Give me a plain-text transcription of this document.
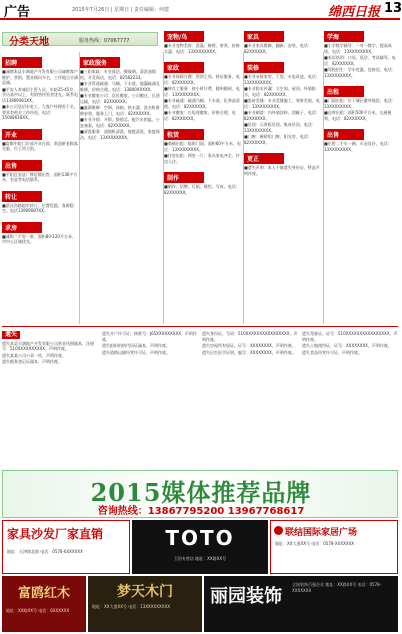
广告	2015年7月26日 | 星期日 | 责任编辑：何建	绵西日报 13
分类天地	服务热线：07067777
招聘
■诚聘本县丰满地产开发有限公司诚聘客户维护、营销、置业顾问多名，工作地点丰满县城。
■平安人寿诚招主管人员，年龄25-45岁，学历高中以上，有销售经验者优先。联系电话13969481XX。
■本公司急招水电工、大客户经理若干名，要求有相关工作经验。电话：15008618XX。
开业
■富顺中院门诊部开业在即，欢迎新老顾客光临，位于西大街。
出售
■平阳区安县广弹店铺出售，面积136平方米，有意者电话联系。
转让
■滨河西路超市转让，位置优越，客源稳定。电话13909087XX。
求房
■诚购二手房一套，面积80-120平方米，市中心区域优先。
家政服务
■三阳家政：专业保洁、擦玻璃、清洗油烟机、开荒保洁，电话：82562233。
■专业管道疏通：马桶、下水道、地漏疏通及维修，价格合理。电话：13800XXXXX。
■专业搬家公司：居民搬家、公司搬迁、长途运输，电话：82XXXXXX。
■鑫源维修：空调、冰箱、热水器、洗衣机维修安装，服务上门，电话：82XXXXXX。
■专业开锁：开锁、换锁芯、配汽车钥匙，公安备案，电话：82XXXXXX。
■清洗服务：油烟机清洗、地毯清洗、家庭保洁，电话：13XXXXXXXX。
宠物/鸟
■专业宠物美容：洗澡、修剪、寄养，价格实惠，电话：13XXXXXXXX。
家政
■专业保姆月嫂：培训上岗，持证服务，电话：82XXXXXX。
■钟点工服务：按小时计费，随叫随到，电话：13XXXXXXXX。
■专业疏通：疏通马桶、下水道、化粪池清理，电话：82XXXXXX。
■专业搬家：长短途搬家，价格合理，电话：82XXXXXX。
租赁
■商铺出租：临街门面，面积60平方米，电话：13XXXXXXXX。
■住房出租：两室一厅，家具家电齐全，拎包入住。
制作
■制作：招牌、灯箱、喷绘、写真，电话：82XXXXXX。
家具
■专业家具维修、翻新、安装，电话：82XXXXXX。
装修
■专业承接家装、工装，水电改造，电话：13XXXXXXXX。
■专业防水补漏：卫生间、屋顶、外墙防水，电话：82XXXXXX。
■瓷砖美缝：专业美缝施工，效果美观，电话：13XXXXXXXX。
■专业刷漆：内外墙涂料、刮腻子，电话：82XXXXXX。
■吊顶：石膏板吊顶、集成吊顶，电话：13XXXXXXXX。
■门窗：断桥铝门窗、阳光房，电话：82XXXXXX。
更正
■遗失声明：本人不慎遗失身份证，特此声明作废。
学海
■小学数学辅导：一对一教学，提高成绩，电话：13XXXXXXXX。
■英语培训：口语、语法、考试辅导，电话：82XXXXXX。
■驾校招生：学车优惠，包接送，电话：13XXXXXXXX。
出租
■门面出租：位于城区繁华地段，电话：13XXXXXXXX。
■仓库出租：面积500平方米，交通便利，电话：82XXXXXX。
出售
■出售二手车一辆，车况良好，电话：13XXXXXXXX。
遗失

遗失本县丰满地产开发有限公司营业执照副本，注册号：510XXXXXXXXXX，声明作废。

遗失某某公司公章一枚，声明作废。

遗失税务登记证副本，声明作废。

遗失开户许可证，核准号：J65XXXXXXXXX，声明作废。

遗失组织机构代码证副本，声明作废。

遗失道路运输经营许可证，声明作废。

遗失身份证，号码：510XXXXXXXXXXXXXXXX，声明作废。

遗失房屋所有权证，证号：XXXXXXXX，声明作废。

遗失出生医学证明，编号：XXXXXXXX，声明作废。

遗失驾驶证，证号：510XXXXXXXXXXXXXXXX，声明作废。

遗失土地使用证，证号：XXXXXXXX，声明作废。

遗失食品经营许可证，声明作废。

2015媒体推荐品牌
咨询热线：13867795200 13967768617
家具沙发厂家直销
地址：天津路北路 电话：0578-6XXXXXX
TOTO
卫浴专营店 地址：XX路XX号
联结国际家居广场
地址：XX大道XX号 电话：0578-XXXXXXX
富鸥红木
地址：XX路XX号 电话：6XXXXXX
梦天木门
地址：XX大道XX号 电话：13XXXXXXXXX	丽园装饰
全国装饰百强企业 地址：XX路XX号 电话：0578-XXXXXXX
